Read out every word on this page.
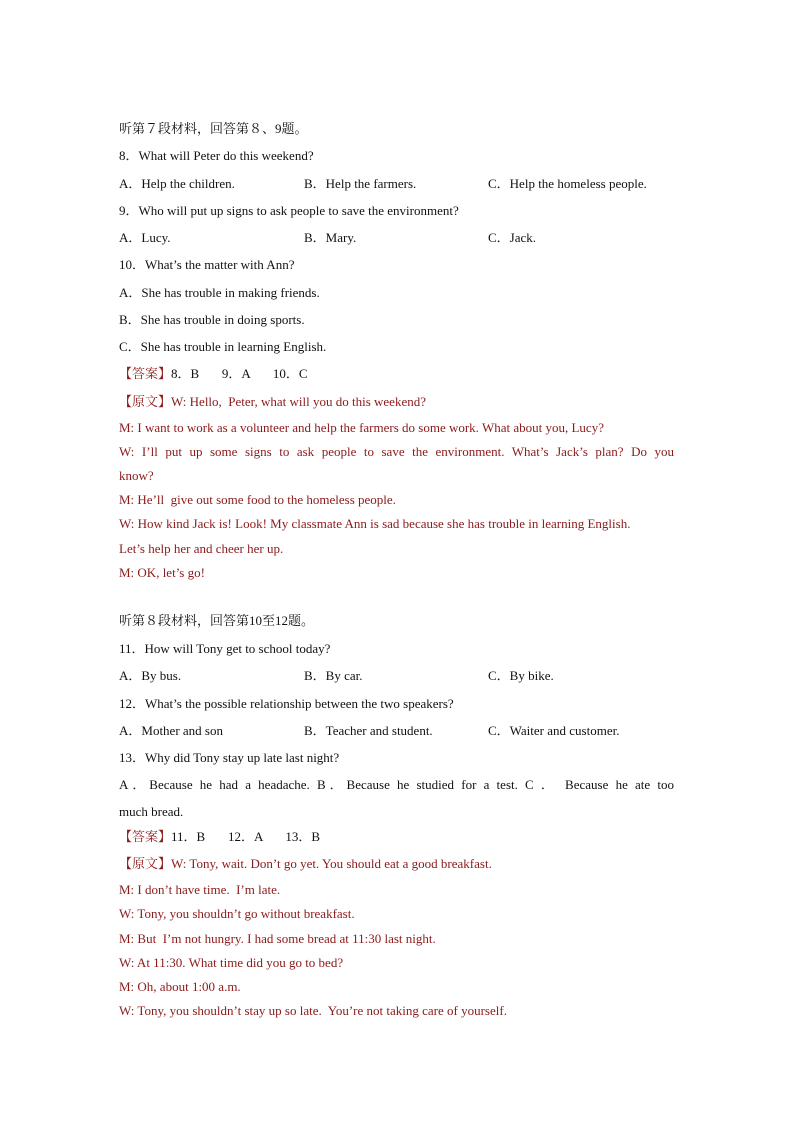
听第７段材料，回答第８、9题。
8．What will Peter do this weekend?
A．Help the children.	B．Help the farmers.	C．Help the homeless people.
9．Who will put up signs to ask people to save the environment?
A．Lucy.	B．Mary.	C．Jack.
10．What’s the matter with Ann?
A．She has trouble in making friends.
B．She has trouble in doing sports.
C．She has trouble in learning English.
【答案】8．B       9．A       10．C
【原文】W: Hello,  Peter, what will you do this weekend?
M: I want to work as a volunteer and help the farmers do some work. What about you, Lucy?
W: I’ll put up some signs to ask people to save the environment. What’s Jack’s plan? Do you
know?
M: He’ll  give out some food to the homeless people.
W: How kind Jack is! Look! My classmate Ann is sad because she has trouble in learning English.
Let’s help her and cheer her up.
M: OK, let’s go!
听第８段材料，回答第10至12题。
11．How will Tony get to school today?
A．By bus.	B．By car.	C．By bike.
12．What’s the possible relationship between the two speakers?
A．Mother and son	B．Teacher and student.	C．Waiter and customer.
13．Why did Tony stay up late last night?
A．Because he had a headache. B．Because he studied for a test. C ． Because he ate too
much bread.
【答案】11．B       12．A       13．B
【原文】W: Tony, wait. Don’t go yet. You should eat a good breakfast.
M: I don’t have time.  I’m late.
W: Tony, you shouldn’t go without breakfast.
M: But  I’m not hungry. I had some bread at 11:30 last night.
W: At 11:30. What time did you go to bed?
M: Oh, about 1:00 a.m.
W: Tony, you shouldn’t stay up so late.  You’re not taking care of yourself.
